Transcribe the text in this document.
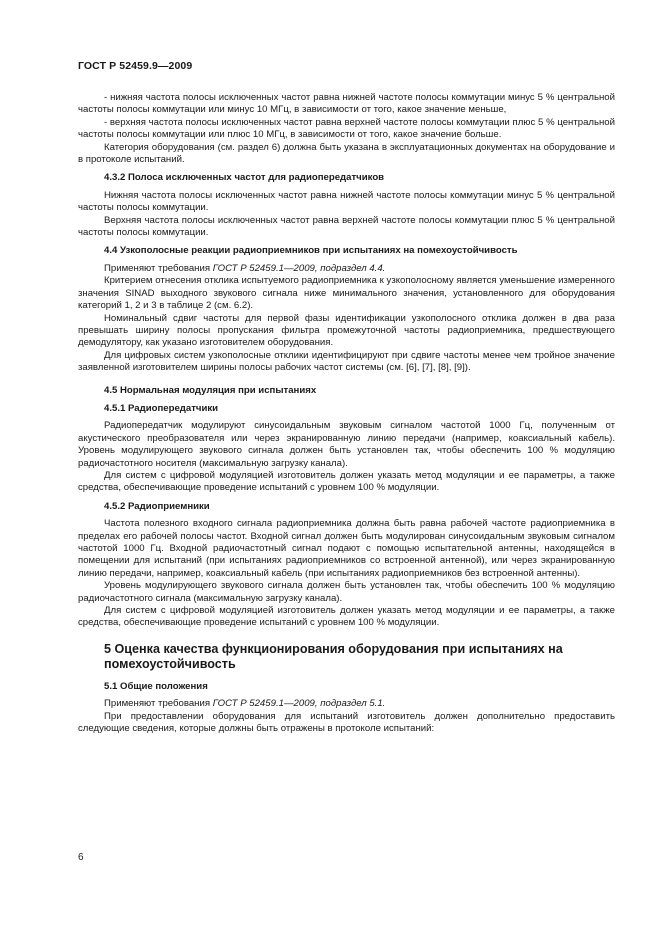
ГОСТ Р 52459.9—2009

- нижняя частота полосы исключенных частот равна нижней частоте полосы коммутации минус 5 % центральной частоты полосы коммутации или минус 10 МГц, в зависимости от того, какое значение меньше,

- верхняя частота полосы исключенных частот равна верхней частоте полосы коммутации плюс 5 % центральной частоты полосы коммутации или плюс 10 МГц, в зависимости от того, какое значение больше.

Категория оборудования (см. раздел 6) должна быть указана в эксплуатационных документах на оборудование и в протоколе испытаний.

4.3.2 Полоса исключенных частот для радиопередатчиков

Нижняя частота полосы исключенных частот равна нижней частоте полосы коммутации минус 5 % центральной частоты полосы коммутации.

Верхняя частота полосы исключенных частот равна верхней частоте полосы коммутации плюс 5 % центральной частоты полосы коммутации.

4.4 Узкополосные реакции радиоприемников при испытаниях на помехоустойчивость

Применяют требования ГОСТ Р 52459.1—2009, подраздел 4.4.

Критерием отнесения отклика испытуемого радиоприемника к узкополосному является уменьшение измеренного значения SINAD выходного звукового сигнала ниже минимального значения, установленного для оборудования категорий 1, 2 и 3 в таблице 2 (см. 6.2).

Номинальный сдвиг частоты для первой фазы идентификации узкополосного отклика должен в два раза превышать ширину полосы пропускания фильтра промежуточной частоты радиоприемника, предшествующего демодулятору, как указано изготовителем оборудования.

Для цифровых систем узкополосные отклики идентифицируют при сдвиге частоты менее чем тройное значение заявленной изготовителем ширины полосы рабочих частот системы (см. [6], [7], [8], [9]).

4.5 Нормальная модуляция при испытаниях

4.5.1 Радиопередатчики

Радиопередатчик модулируют синусоидальным звуковым сигналом частотой 1000 Гц, полученным от акустического преобразователя или через экранированную линию передачи (например, коаксиальный кабель). Уровень модулирующего звукового сигнала должен быть установлен так, чтобы обеспечить 100 % модуляцию радиочастотного носителя (максимальную загрузку канала).

Для систем с цифровой модуляцией изготовитель должен указать метод модуляции и ее параметры, а также средства, обеспечивающие проведение испытаний с уровнем 100 % модуляции.

4.5.2 Радиоприемники

Частота полезного входного сигнала радиоприемника должна быть равна рабочей частоте радиоприемника в пределах его рабочей полосы частот. Входной сигнал должен быть модулирован синусоидальным звуковым сигналом частотой 1000 Гц. Входной радиочастотный сигнал подают с помощью испытательной антенны, находящейся в помещении для испытаний (при испытаниях радиоприемников со встроенной антенной), или через экранированную линию передачи, например, коаксиальный кабель (при испытаниях радиоприемников без встроенной антенны).

Уровень модулирующего звукового сигнала должен быть установлен так, чтобы обеспечить 100 % модуляцию радиочастотного сигнала (максимальную загрузку канала).

Для систем с цифровой модуляцией изготовитель должен указать метод модуляции и ее параметры, а также средства, обеспечивающие проведение испытаний с уровнем 100 % модуляции.

5 Оценка качества функционирования оборудования при испытаниях на помехоустойчивость

5.1 Общие положения

Применяют требования ГОСТ Р 52459.1—2009, подраздел 5.1.

При предоставлении оборудования для испытаний изготовитель должен дополнительно предоставить следующие сведения, которые должны быть отражены в протоколе испытаний:

6
